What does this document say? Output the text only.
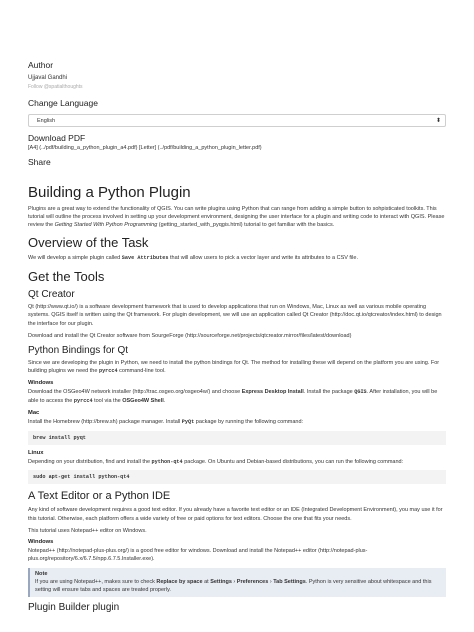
Author
Ujjaval Gandhi
Follow @spatialthoughts
Change Language
English	⬍
Download PDF
[A4] (../pdf/building_a_python_plugin_a4.pdf) [Letter] (../pdf/building_a_python_plugin_letter.pdf)
Share
Building a Python Plugin

Plugins are a great way to extend the functionality of QGIS. You can write plugins using Python that can range from adding a simple button to sohpisticated toolkits. This tutorial will outline the process involved in setting up your development environment, designing the user interface for a plugin and writing code to interact with QGIS. Please review the Getting Started With Python Programming (getting_started_with_pyqgis.html) tutorial to get familiar with the basics.

Overview of the Task

We will develop a simple plugin called Save Attributes that will allow users to pick a vector layer and write its attributes to a CSV file.

Get the Tools
Qt Creator

Qt (http://www.qt.io/) is a software development framework that is used to develop applications that run on Windows, Mac, Linux as well as various mobile operating systems. QGIS itself is written using the Qt framework. For plugin development, we will use an application called Qt Creator (http://doc.qt.io/qtcreator/index.html) to design the interface for our plugin.

Download and install the Qt Creator software from SourgeForge (http://sourceforge.net/projects/qtcreator.mirror/files/latest/download)

Python Bindings for Qt

Since we are developing the plugin in Python, we need to install the python bindings for Qt. The method for installing these will depend on the platform you are using. For building plugins we need the pyrcc4 command-line tool.

Windows

Download the OSGeo4W network installer (http://trac.osgeo.org/osgeo4w/) and choose Express Desktop Install. Install the package QGIS. After installation, you will be able to access the pyrcc4 tool via the OSGeo4W Shell.

Mac

Install the Homebrew (http://brew.sh) package manager. Install PyQt package by running the following command:

brew install pyqt
Linux

Depending on your distribution, find and install the python-qt4 package. On Ubuntu and Debian-based distributions, you can run the following command:

sudo apt-get install python-qt4
A Text Editor or a Python IDE

Any kind of software development requires a good text editor. If you already have a favorite text editor or an IDE (Integrated Development Environment), you may use it for this tutorial. Otherwise, each platform offers a wide variety of free or paid options for text editors. Choose the one that fits your needs.

This tutorial uses Notepad++ editor on Windows.

Windows

Notepad++ (http://notepad-plus-plus.org/) is a good free editor for windows. Download and install the Notepad++ editor (http://notepad-plus-plus.org/repository/6.x/6.7.5/npp.6.7.5.Installer.exe).

Note

If you are using Notepad++, makes sure to check Replace by space at Settings › Preferences › Tab Settings. Python is very sensitive about whitespace and this setting will ensure tabs and spaces are treated properly.

Plugin Builder plugin
